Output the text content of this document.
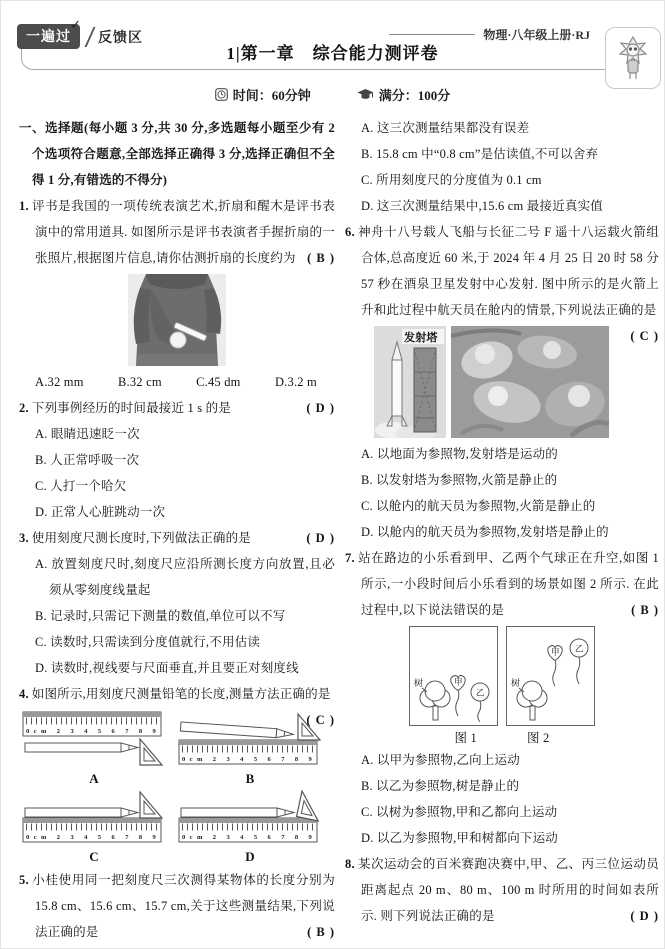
一遍过
✓
反馈区	物理·八年级上册·RJ
1|第一章　综合能力测评卷
时间：60分钟	满分：100分

一、选择题(每小题 3 分,共 30 分,多选题每小题至少有 2 个选项符合题意,全部选择正确得 3 分,选择正确但不全得 1 分,有错选的不得分)

1. 评书是我国的一项传统表演艺术,折扇和醒木是评书表演中的常用道具. 如图所示是评书表演者手握折扇的一张照片,根据图片信息,请你估测折扇的长度约为 ( B )

A.32 mm	B.32 cm	C.45 dm	D.3.2 m

2. 下列事例经历的时间最接近 1 s 的是	( D )

A. 眼睛迅速眨一次

B. 人正常呼吸一次

C. 人打一个哈欠

D. 正常人心脏跳动一次

3. 使用刻度尺测长度时,下列做法正确的是	( D )

A. 放置刻度尺时,刻度尺应沿所测长度方向放置,且必须从零刻度线量起

B. 记录时,只需记下测量的数值,单位可以不写

C. 读数时,只需读到分度值就行,不用估读

D. 读数时,视线要与尺面垂直,并且要正对刻度线

4. 如图所示,用刻度尺测量铅笔的长度,测量方法正确的是
( C )

A	B

C	D

5. 小桂使用同一把刻度尺三次测得某物体的长度分别为 15.8 cm、15.6 cm、15.7 cm,关于这些测量结果,下列说法正确的是	( B )

A. 这三次测量结果都没有误差

B. 15.8 cm 中“0.8 cm”是估读值,不可以舍弃

C. 所用刻度尺的分度值为 0.1 cm

D. 这三次测量结果中,15.6 cm 最接近真实值

6. 神舟十八号载人飞船与长征二号 F 遥十八运载火箭组合体,总高度近 60 米,于 2024 年 4 月 25 日 20 时 58 分57 秒在酒泉卫星发射中心发射. 图中所示的是火箭上升和此过程中航天员在舱内的情景,下列说法正确的是
( C )

发射塔

A. 以地面为参照物,发射塔是运动的

B. 以发射塔为参照物,火箭是静止的

C. 以舱内的航天员为参照物,火箭是静止的

D. 以舱内的航天员为参照物,发射塔是静止的

7. 站在路边的小乐看到甲、乙两个气球正在升空,如图 1 所示,一小段时间后小乐看到的场景如图 2 所示. 在此过程中,以下说法错误的是	( B )

树	甲
乙
树
甲 乙
图 1	图 2

A. 以甲为参照物,乙向上运动

B. 以乙为参照物,树是静止的

C. 以树为参照物,甲和乙都向上运动

D. 以乙为参照物,甲和树都向下运动

8. 某次运动会的百米赛跑决赛中,甲、乙、丙三位运动员距离起点 20 m、80 m、100 m 时所用的时间如表所示. 则下列说法正确的是	( D )
